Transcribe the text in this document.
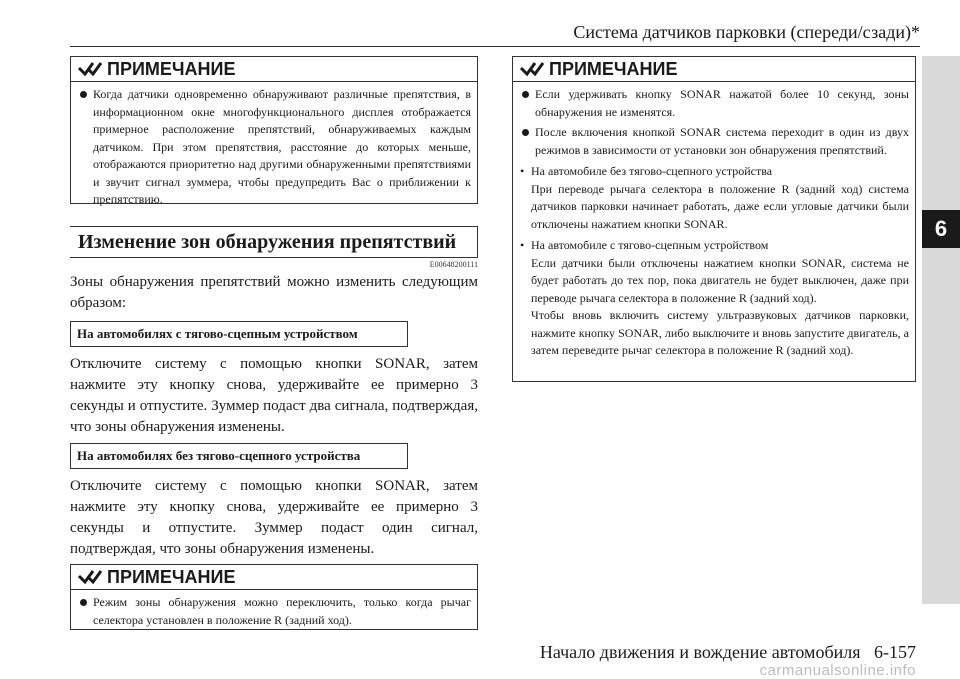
Система датчиков парковки (спереди/сзади)*
6
ПРИМЕЧАНИЕ
Когда датчики одновременно обнаруживают различные препятствия, в информационном окне многофункционального дисплея отображается примерное расположение препятствий, обнаруживаемых каждым датчиком. При этом препятствия, расстояние до которых меньше, отображаются приоритетно над другими обнаруженными препятствиями и звучит сигнал зуммера, чтобы предупредить Вас о приближении к препятствию.
Изменение зон обнаружения препятствий
E00648200111
Зоны обнаружения препятствий можно изменить следующим образом:
На автомобилях с тягово-сцепным устройством
Отключите систему с помощью кнопки SONAR, затем нажмите эту кнопку снова, удерживайте ее примерно 3 секунды и отпустите. Зуммер подаст два сигнала, подтверждая, что зоны обнаружения изменены.
На автомобилях без тягово-сцепного устройства
Отключите систему с помощью кнопки SONAR, затем нажмите эту кнопку снова, удерживайте ее примерно 3 секунды и отпустите. Зуммер подаст один сигнал, подтверждая, что зоны обнаружения изменены.
ПРИМЕЧАНИЕ
Режим зоны обнаружения можно переключить, только когда рычаг селектора установлен в положение R (задний ход).
ПРИМЕЧАНИЕ
Если удерживать кнопку SONAR нажатой более 10 секунд, зоны обнаружения не изменятся.
После включения кнопкой SONAR система переходит в один из двух режимов в зависимости от установки зон обнаружения препятствий.
• На автомобиле без тягово-сцепного устройства
При переводе рычага селектора в положение R (задний ход) система датчиков парковки начинает работать, даже если угловые датчики были отключены нажатием кнопки SONAR.
• На автомобиле с тягово-сцепным устройством
Если датчики были отключены нажатием кнопки SONAR, система не будет работать до тех пор, пока двигатель не будет выключен, даже при переводе рычага селектора в положение R (задний ход).
Чтобы вновь включить систему ультразвуковых датчиков парковки, нажмите кнопку SONAR, либо выключите и вновь запустите двигатель, а затем переведите рычаг селектора в положение R (задний ход).
Начало движения и вождение автомобиля   6-157
carmanualsonline.info
